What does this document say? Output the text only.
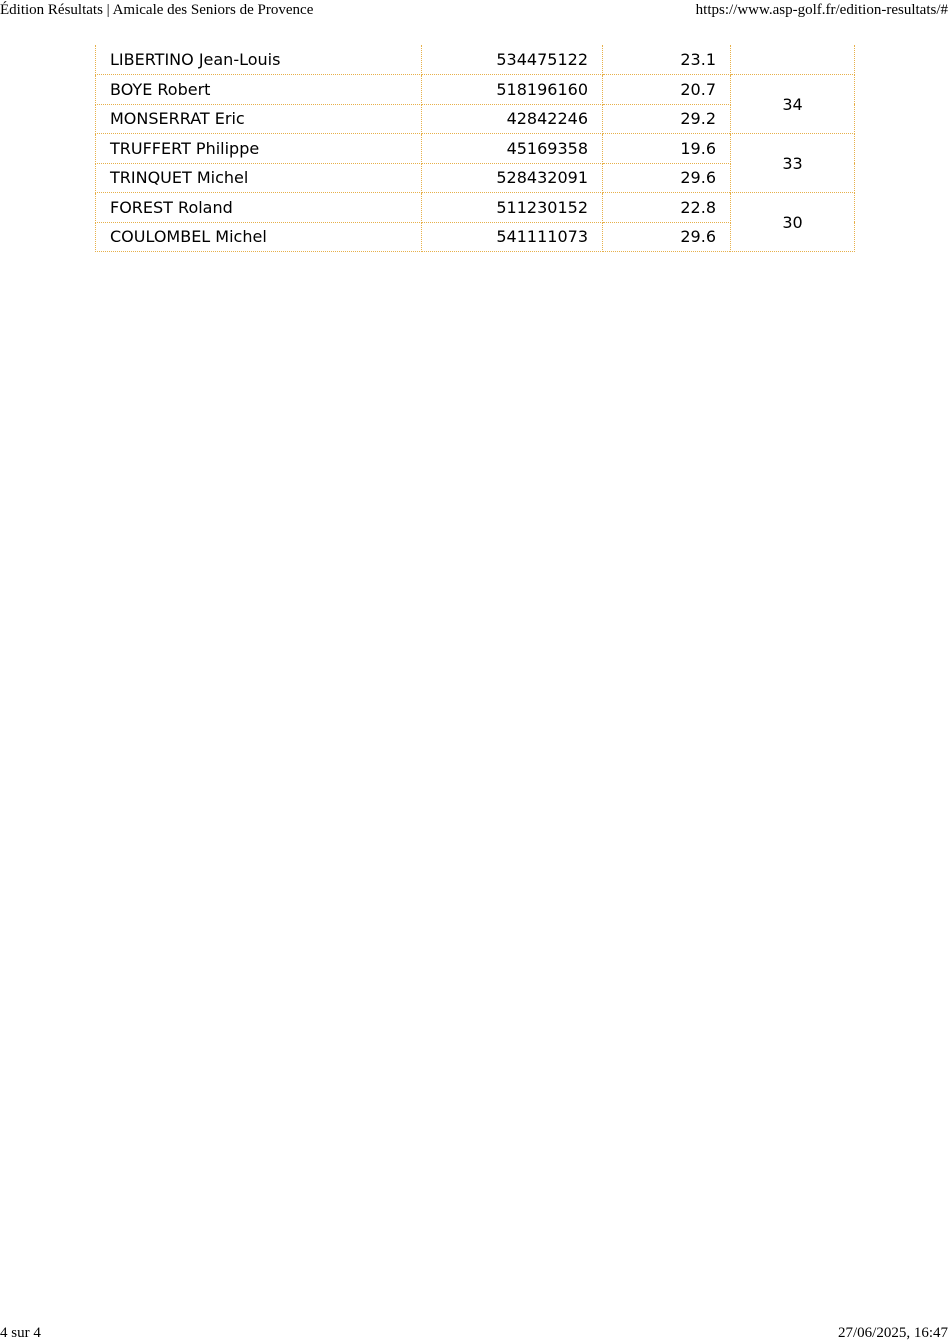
Édition Résultats | Amicale des Seniors de Provence	https://www.asp-golf.fr/edition-resultats/#
LIBERTINO Jean-Louis	534475122	23.1	
BOYE Robert	518196160	20.7	34
MONSERRAT Eric	42842246	29.2	
TRUFFERT Philippe	45169358	19.6	33
TRINQUET Michel	528432091	29.6	
FOREST Roland	511230152	22.8	30
COULOMBEL Michel	541111073	29.6	
4 sur 4	27/06/2025, 16:47
